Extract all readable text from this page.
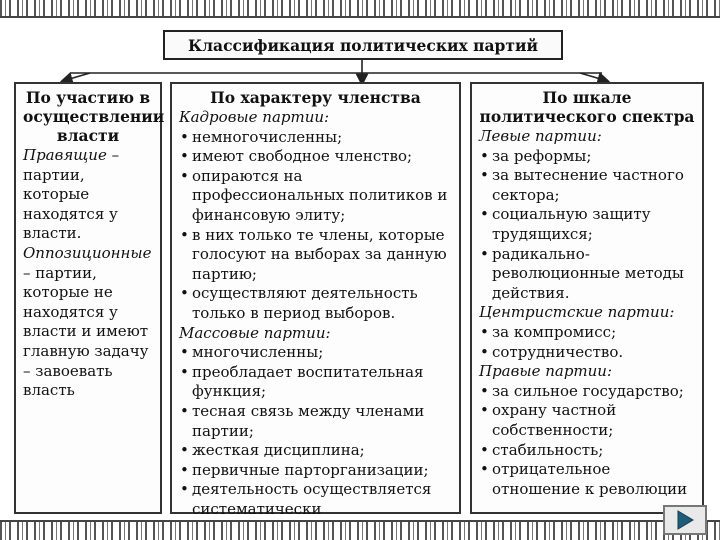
Классификация политических партий
По участию в осуществлении власти

Правящие – партии, которые находятся у власти.

Оппозиционные – партии, которые не находятся у власти и имеют главную задачу – завоевать власть

По характеру членства
Кадровые партии:
• немногочисленны;
• имеют свободное членство;
• опираются на профессиональных политиков и финансовую элиту;
• в них только те члены, которые голосуют на выборах за данную партию;
• осуществляют деятельность только в период выборов.
Массовые партии:
• многочисленны;
• преобладает воспитательная функция;
• тесная связь между членами партии;
• жесткая дисциплина;
• первичные парторганизации;
• деятельность осуществляется систематически
По шкале политического спектра
Левые партии:
• за реформы;
• за вытеснение частного сектора;
• социальную защиту трудящихся;
• радикально-революционные методы действия.
Центристские партии:
• за компромисс;
• сотрудничество.
Правые партии:
• за сильное государство;
• охрану частной собственности;
• стабильность;
• отрицательное отношение к революции
